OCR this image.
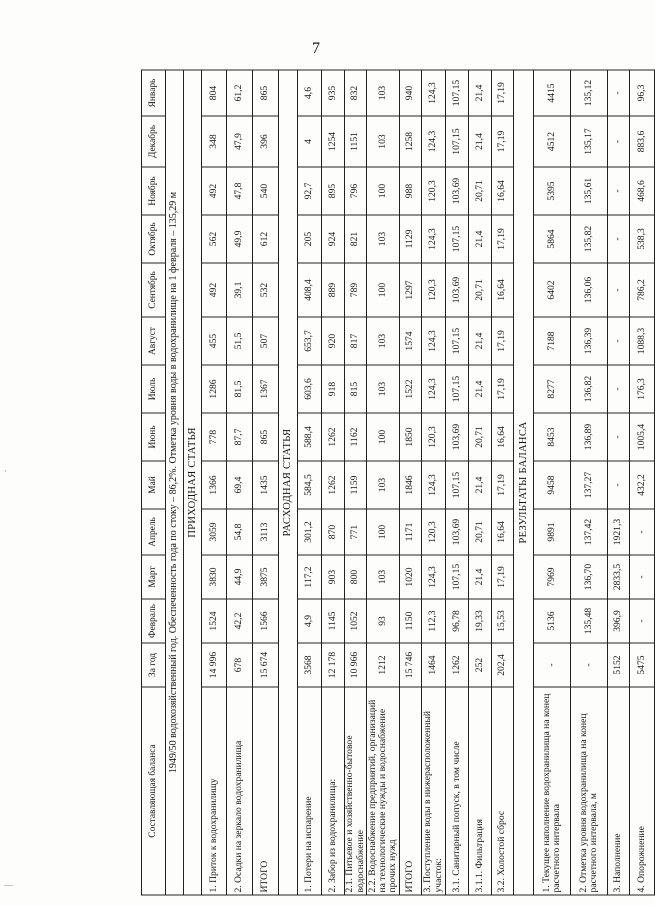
7
·
—
Составляющая баланса	За год	Февраль	Март	Апрель	Май	Июнь	Июль	Август	Сентябрь	Октябрь	Ноябрь	Декабрь	Январь
1949/50 водохозяйственный год. Обеспеченность года по стоку – 86,2%. Отметка уровня воды в водохранилище на 1 февраля – 135,29 м													
ПРИХОДНАЯ СТАТЬЯ													
1. Приток к водохранилищу	14 996	1524	3830	3059	1366	778	1286	455	492	562	492	348	804
2. Осадки на зеркало водохранилища	678	42,2	44,9	54,8	69,4	87,7	81,5	51,5	39,1	49,9	47,8	47,9	61,2
ИТОГО	15 674	1566	3875	3113	1435	865	1367	507	532	612	540	396	865
РАСХОДНАЯ СТАТЬЯ													
1. Потери на испарение	3568	4,9	117,2	301,2	584,5	588,4	603,6	653,7	408,4	205	92,7	4	4,6
2. Забор из водохранилища:	12 178	1145	903	870	1262	1262	918	920	889	924	895	1254	935
2.1. Питьевое и хозяйственно-бытовое водоснабжение	10 966	1052	800	771	1159	1162	815	817	789	821	796	1151	832
2.2. Водоснабжение предприятий, организаций на технологические нужды и водоснабжение прочих нужд	1212	93	103	100	103	100	103	103	100	103	100	103	103
ИТОГО	15 746	1150	1020	1171	1846	1850	1522	1574	1297	1129	988	1258	940
3. Поступление воды в нижерасположенный участок:	1464	112,3	124,3	120,3	124,3	120,3	124,3	124,3	120,3	124,3	120,3	124,3	124,3
3.1. Санитарный попуск, в том числе	1262	96,78	107,15	103,69	107,15	103,69	107,15	107,15	103,69	107,15	103,69	107,15	107,15
3.1.1. Фильтрация	252	19,33	21,4	20,71	21,4	20,71	21,4	21,4	20,71	21,4	20,71	21,4	21,4
3.2. Холостой сброс	202,4	15,53	17,19	16,64	17,19	16,64	17,19	17,19	16,64	17,19	16,64	17,19	17,19
РЕЗУЛЬТАТЫ БАЛАНСА													
1. Текущее наполнение водохранилища на конец расчетного интервала	-	5136	7969	9891	9458	8453	8277	7188	6402	5864	5395	4512	4415
2. Отметка уровня водохранилища на конец расчетного интервала, м	-	135,48	136,70	137,42	137,27	136,89	136,82	136,39	136,06	135,82	135,61	135,17	135,12
3. Наполнение	5152	396,9	2833,5	1921,3	-	-	-	-	-	-	-	-	-
4. Опорожнение	5475	-	-	-	432,2	1005,4	176,3	1088,3	786,2	538,3	468,6	883,6	96,3
